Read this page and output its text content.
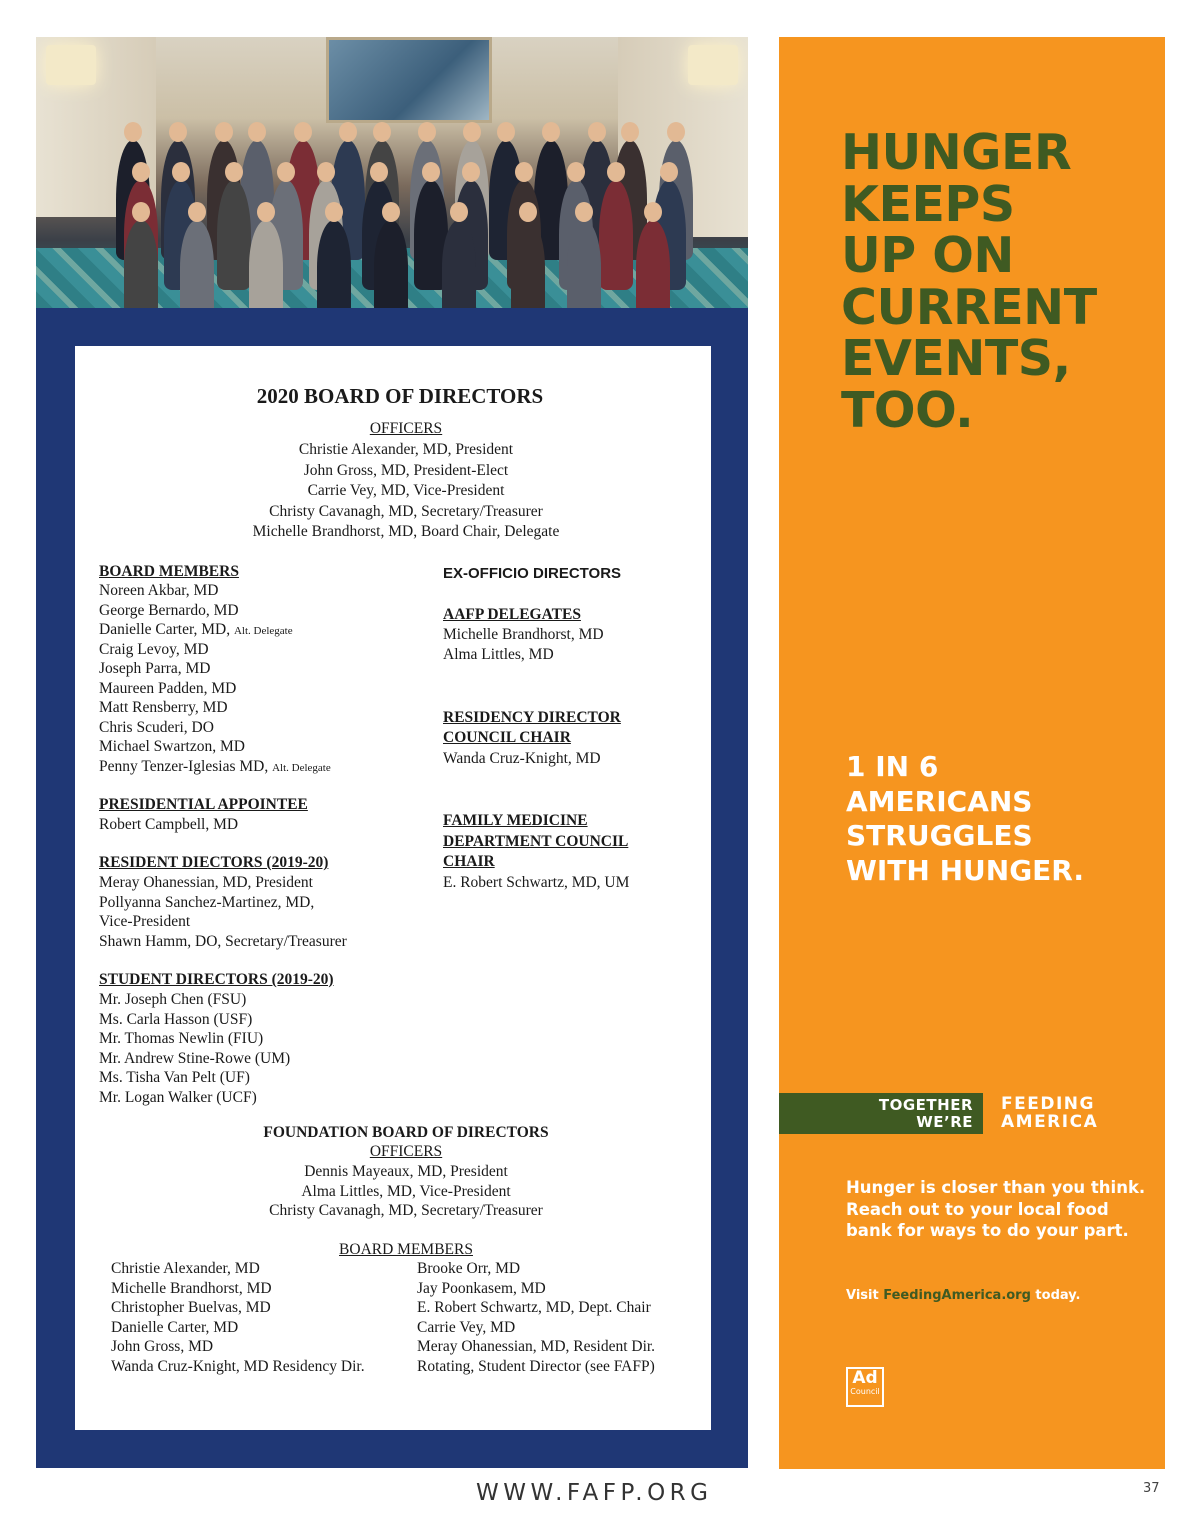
2020 BOARD OF DIRECTORS
OFFICERS
Christie Alexander, MD, President
John Gross, MD, President-Elect
Carrie Vey, MD, Vice-President
Christy Cavanagh, MD, Secretary/Treasurer
Michelle Brandhorst, MD, Board Chair, Delegate
BOARD MEMBERS
Noreen Akbar, MD
George Bernardo, MD
Danielle Carter, MD, Alt. Delegate
Craig Levoy, MD
Joseph Parra, MD
Maureen Padden, MD
Matt Rensberry, MD
Chris Scuderi, DO
Michael Swartzon, MD
Penny Tenzer-Iglesias MD, Alt. Delegate
PRESIDENTIAL APPOINTEE
Robert Campbell, MD
RESIDENT DIECTORS (2019-20)
Meray Ohanessian, MD, President
Pollyanna Sanchez-Martinez, MD,
Vice-President
Shawn Hamm, DO, Secretary/Treasurer
STUDENT DIRECTORS (2019-20)
Mr. Joseph Chen (FSU)
Ms. Carla Hasson (USF)
Mr. Thomas Newlin (FIU)
Mr. Andrew Stine-Rowe (UM)
Ms. Tisha Van Pelt (UF)
Mr. Logan Walker (UCF)
EX-OFFICIO DIRECTORS
AAFP DELEGATES
Michelle Brandhorst, MD
Alma Littles, MD
RESIDENCY DIRECTOR
COUNCIL CHAIR
Wanda Cruz-Knight, MD
FAMILY MEDICINE
DEPARTMENT COUNCIL
CHAIR
E. Robert Schwartz, MD, UM
FOUNDATION BOARD OF DIRECTORS
OFFICERS
Dennis Mayeaux, MD, President
Alma Littles, MD, Vice-President
Christy Cavanagh, MD, Secretary/Treasurer
BOARD MEMBERS
Christie Alexander, MD
Michelle Brandhorst, MD
Christopher Buelvas, MD
Danielle Carter, MD
John Gross, MD
Wanda Cruz-Knight, MD Residency Dir.
Brooke Orr, MD
Jay Poonkasem, MD
E. Robert Schwartz, MD, Dept. Chair
Carrie Vey, MD
Meray Ohanessian, MD, Resident Dir.
Rotating, Student Director (see FAFP)
HUNGER
KEEPS
UP ON
CURRENT
EVENTS,
TOO.
1 IN 6
AMERICANS
STRUGGLES
WITH HUNGER.
TOGETHER
WE’RE
FEEDING
AMERICA
Hunger is closer than you think. Reach out to your local food bank for ways to do your part.
Visit FeedingAmerica.org today.
Ad
Council
WWW.FAFP.ORG	37
